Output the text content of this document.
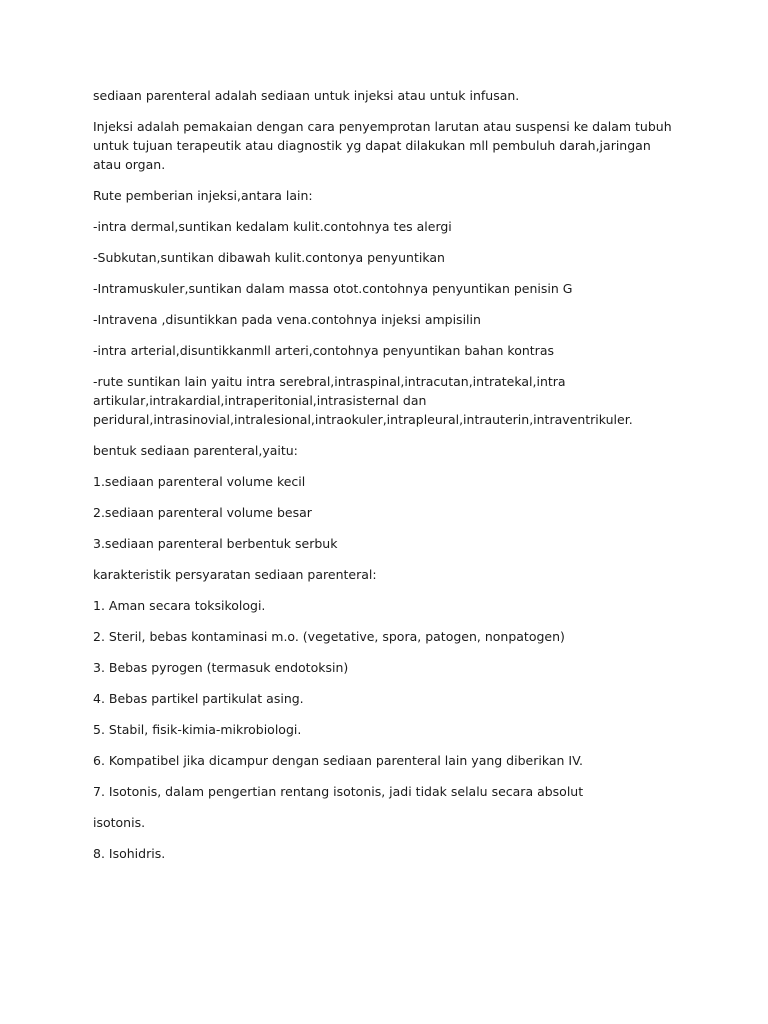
sediaan parenteral adalah sediaan untuk injeksi atau untuk infusan.

Injeksi adalah pemakaian dengan cara penyemprotan larutan atau suspensi ke dalam tubuh untuk tujuan terapeutik atau diagnostik yg dapat dilakukan mll pembuluh darah,jaringan atau organ.

Rute pemberian injeksi,antara lain:

-intra dermal,suntikan kedalam kulit.contohnya tes alergi

-Subkutan,suntikan dibawah kulit.contonya penyuntikan

-Intramuskuler,suntikan dalam massa otot.contohnya penyuntikan penisin G

-Intravena ,disuntikkan pada vena.contohnya injeksi ampisilin

-intra arterial,disuntikkanmll arteri,contohnya penyuntikan bahan kontras

-rute suntikan lain yaitu intra serebral,intraspinal,intracutan,intratekal,intra artikular,intrakardial,intraperitonial,intrasisternal dan peridural,intrasinovial,intralesional,intraokuler,intrapleural,intrauterin,intraventrikuler.

bentuk sediaan parenteral,yaitu:

1.sediaan parenteral volume kecil

2.sediaan parenteral volume besar

3.sediaan parenteral berbentuk serbuk

karakteristik persyaratan sediaan parenteral:

1. Aman secara toksikologi.

2. Steril, bebas kontaminasi m.o. (vegetative, spora, patogen, nonpatogen)

3. Bebas pyrogen (termasuk endotoksin)

4. Bebas partikel partikulat asing.

5. Stabil, fisik-kimia-mikrobiologi.

6. Kompatibel jika dicampur dengan sediaan parenteral lain yang diberikan IV.

7. Isotonis, dalam pengertian rentang isotonis, jadi tidak selalu secara absolut

isotonis.

8. Isohidris.
